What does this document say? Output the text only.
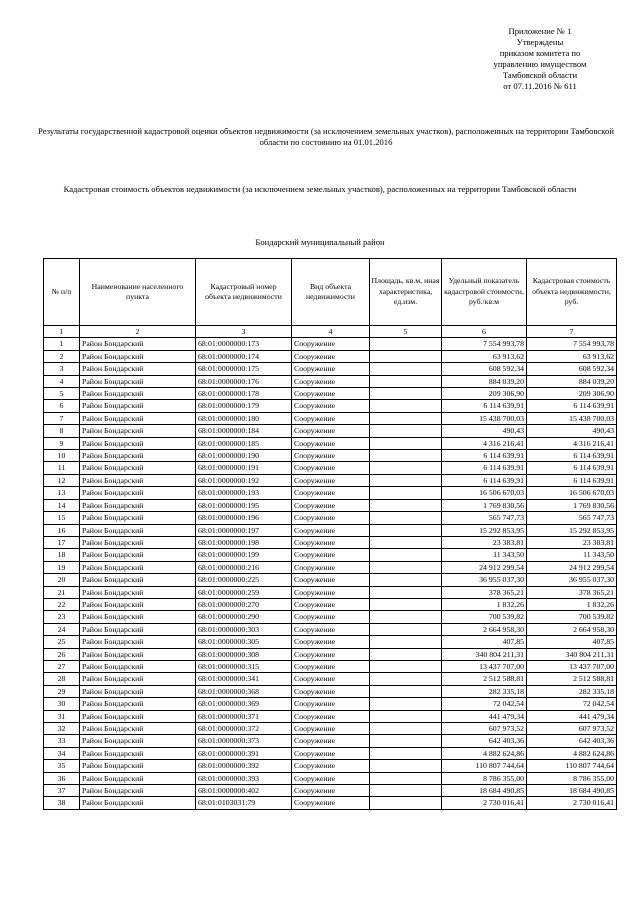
Приложение № 1
Утверждены
приказом комитета по
управлению имуществом
Тамбовской области
от 07.11.2016 № 611
Результаты государственной кадастровой оценки объектов недвижимости (за исключением земельных участков), расположенных на территории Тамбовской области по состоянию на 01.01.2016
Кадастровая стоимость объектов недвижимости (за исключением земельных участков), расположенных на территории Тамбовской области
Бондарский муниципальный район
№ п/п	Наименование населенного пункта	Кадастровый номер объекта недвижимости	Вид объекта недвижимости	Площадь, кв.м, иная характеристика, ед.изм.	Удельный показатель кадастровой стоимости, руб./кв.м	Кадастровая стоимость объекта недвижимости, руб.
1	2	3	4	5	6	7
1	Район Бондарский	68:01:0000000:173	Сооружение		7 554 993,78	7 554 993,78
2	Район Бондарский	68:01:0000000:174	Сооружение		63 913,62	63 913,62
3	Район Бондарский	68:01:0000000:175	Сооружение		608 592,34	608 592,34
4	Район Бондарский	68:01:0000000:176	Сооружение		884 039,20	884 039,20
5	Район Бондарский	68:01:0000000:178	Сооружение		209 306,90	209 306,90
6	Район Бондарский	68:01:0000000:179	Сооружение		6 114 639,91	6 114 639,91
7	Район Бондарский	68:01:0000000:180	Сооружение		15 438 700,03	15 438 700,03
8	Район Бондарский	68:01:0000000:184	Сооружение		490,43	490,43
9	Район Бондарский	68:01:0000000:185	Сооружение		4 316 216,41	4 316 216,41
10	Район Бондарский	68:01:0000000:190	Сооружение		6 114 639,91	6 114 639,91
11	Район Бондарский	68:01:0000000:191	Сооружение		6 114 639,91	6 114 639,91
12	Район Бондарский	68:01:0000000:192	Сооружение		6 114 639,91	6 114 639,91
13	Район Бондарский	68:01:0000000:193	Сооружение		16 506 670,03	16 506 670,03
14	Район Бондарский	68:01:0000000:195	Сооружение		1 769 830,56	1 769 830,56
15	Район Бондарский	68:01:0000000:196	Сооружение		565 747,73	565 747,73
16	Район Бондарский	68:01:0000000:197	Сооружение		15 292 853,95	15 292 853,95
17	Район Бондарский	68:01:0000000:198	Сооружение		23 383,81	23 383,81
18	Район Бондарский	68:01:0000000:199	Сооружение		11 343,50	11 343,50
19	Район Бондарский	68:01:0000000:216	Сооружение		24 912 299,54	24 912 299,54
20	Район Бондарский	68:01:0000000:225	Сооружение		36 955 037,30	36 955 037,30
21	Район Бондарский	68:01:0000000:259	Сооружение		378 365,21	378 365,21
22	Район Бондарский	68:01:0000000:270	Сооружение		1 832,26	1 832,26
23	Район Бондарский	68:01:0000000:290	Сооружение		700 539,82	700 539,82
24	Район Бондарский	68:01:0000000:303	Сооружение		2 664 958,30	2 664 958,30
25	Район Бондарский	68:01:0000000:305	Сооружение		407,85	407,85
26	Район Бондарский	68:01:0000000:308	Сооружение		340 804 211,31	340 804 211,31
27	Район Бондарский	68:01:0000000:315	Сооружение		13 437 707,00	13 437 707,00
28	Район Бондарский	68:01:0000000:341	Сооружение		2 512 588,81	2 512 588,81
29	Район Бондарский	68:01:0000000:368	Сооружение		282 335,18	282 335,18
30	Район Бондарский	68:01:0000000:369	Сооружение		72 042,54	72 042,54
31	Район Бондарский	68:01:0000000:371	Сооружение		441 479,34	441 479,34
32	Район Бондарский	68:01:0000000:372	Сооружение		607 973,52	607 973,52
33	Район Бондарский	68:01:0000000:373	Сооружение		642 403,36	642 403,36
34	Район Бондарский	68:01:0000000:391	Сооружение		4 882 624,86	4 882 624,86
35	Район Бондарский	68:01:0000000:392	Сооружение		110 807 744,64	110 807 744,64
36	Район Бондарский	68:01:0000000:393	Сооружение		8 786 355,00	8 786 355,00
37	Район Бондарский	68:01:0000000:402	Сооружение		18 684 490,85	18 684 490,85
38	Район Бондарский	68:01:0103031:79	Сооружение		2 730 016,41	2 730 016,41
